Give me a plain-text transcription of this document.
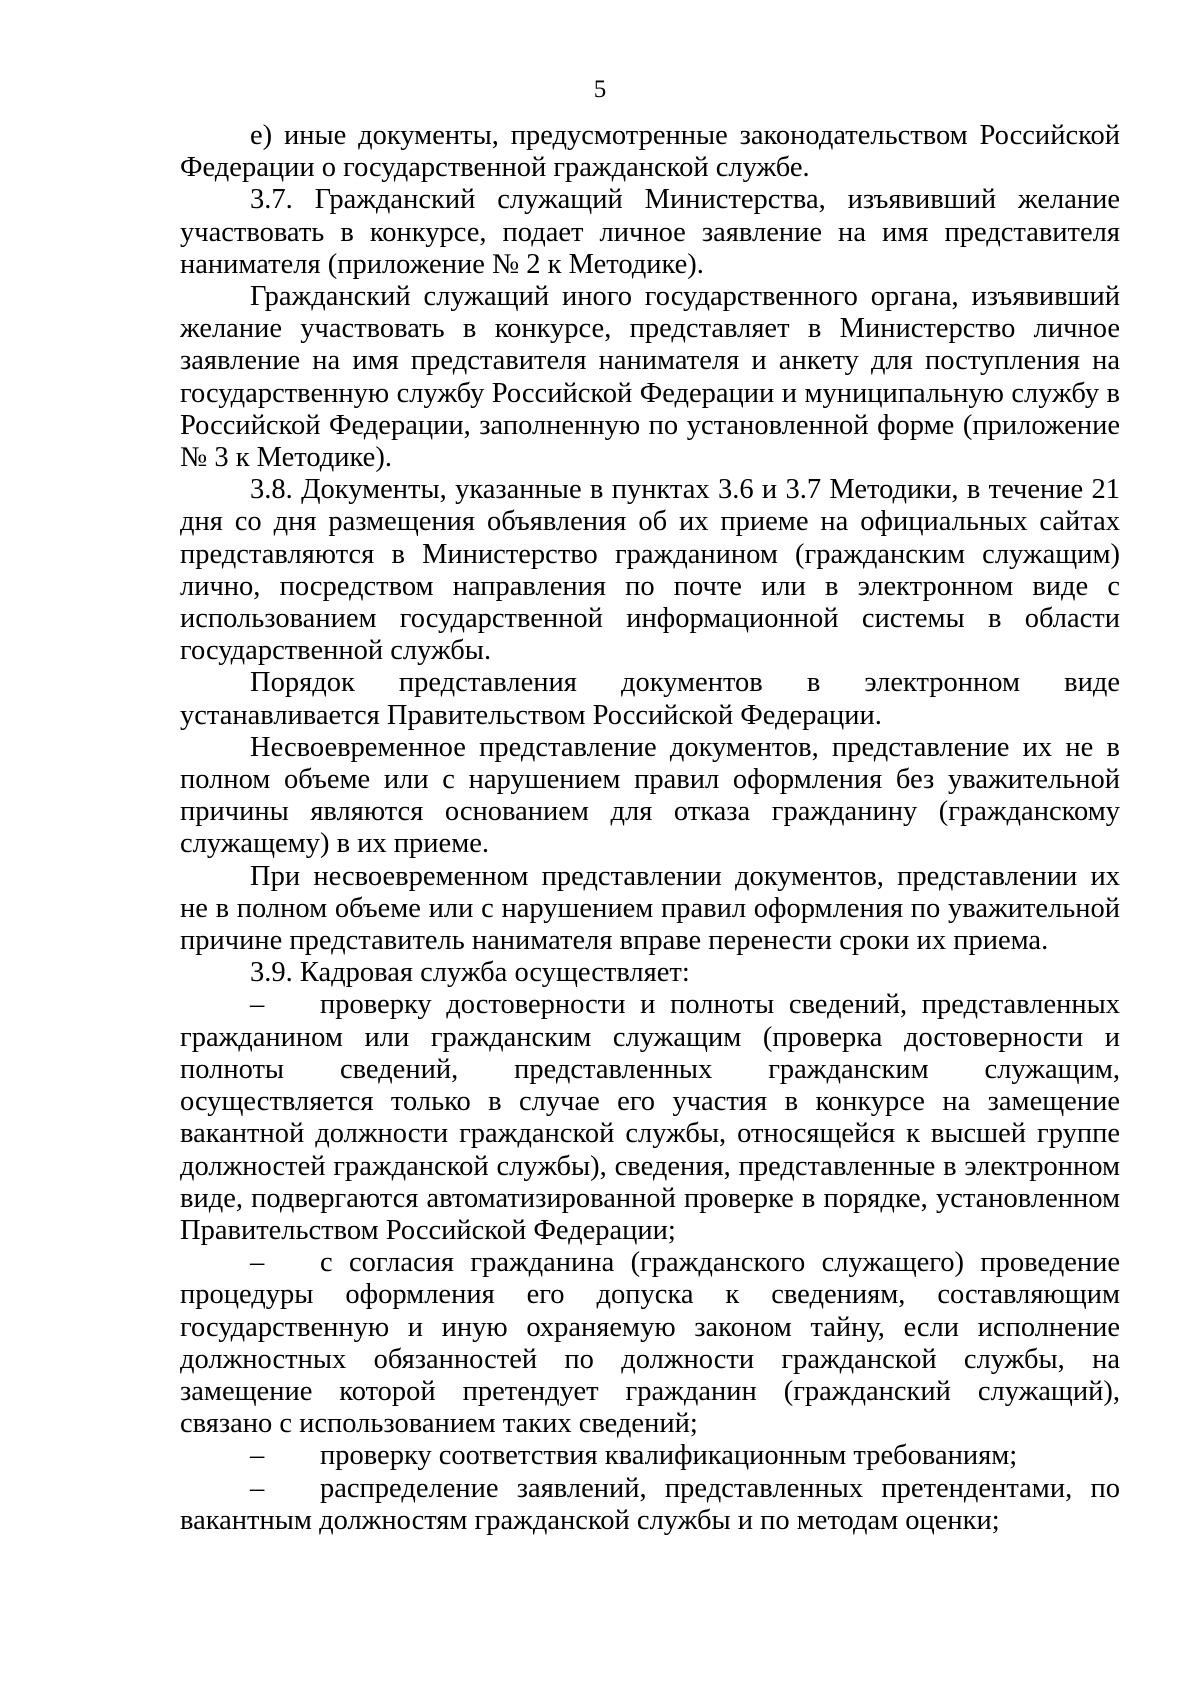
5

е) иные документы, предусмотренные законодательством Российской Федерации о государственной гражданской службе.

3.7. Гражданский служащий Министерства, изъявивший желание участвовать в конкурсе, подает личное заявление на имя представителя нанимателя (приложение № 2 к Методике).

Гражданский служащий иного государственного органа, изъявивший желание участвовать в конкурсе, представляет в Министерство личное заявление на имя представителя нанимателя и анкету для поступления на государственную службу Российской Федерации и муниципальную службу в Российской Федерации, заполненную по установленной форме (приложение № 3 к Методике).

3.8. Документы, указанные в пунктах 3.6 и 3.7 Методики, в течение 21 дня со дня размещения объявления об их приеме на официальных сайтах представляются в Министерство гражданином (гражданским служащим) лично, посредством направления по почте или в электронном виде с использованием государственной информационной системы в области государственной службы.

Порядок представления документов в электронном виде устанавливается Правительством Российской Федерации.

Несвоевременное представление документов, представление их не в полном объеме или с нарушением правил оформления без уважительной причины являются основанием для отказа гражданину (гражданскому служащему) в их приеме.

При несвоевременном представлении документов, представлении их не в полном объеме или с нарушением правил оформления по уважительной причине представитель нанимателя вправе перенести сроки их приема.

3.9. Кадровая служба осуществляет:

– проверку достоверности и полноты сведений, представленных гражданином или гражданским служащим (проверка достоверности и полноты сведений, представленных гражданским служащим, осуществляется только в случае его участия в конкурсе на замещение вакантной должности гражданской службы, относящейся к высшей группе должностей гражданской службы), сведения, представленные в электронном виде, подвергаются автоматизированной проверке в порядке, установленном Правительством Российской Федерации;

– с согласия гражданина (гражданского служащего) проведение процедуры оформления его допуска к сведениям, составляющим государственную и иную охраняемую законом тайну, если исполнение должностных обязанностей по должности гражданской службы, на замещение которой претендует гражданин (гражданский служащий), связано с использованием таких сведений;

– проверку соответствия квалификационным требованиям;

– распределение заявлений, представленных претендентами, по вакантным должностям гражданской службы и по методам оценки;
